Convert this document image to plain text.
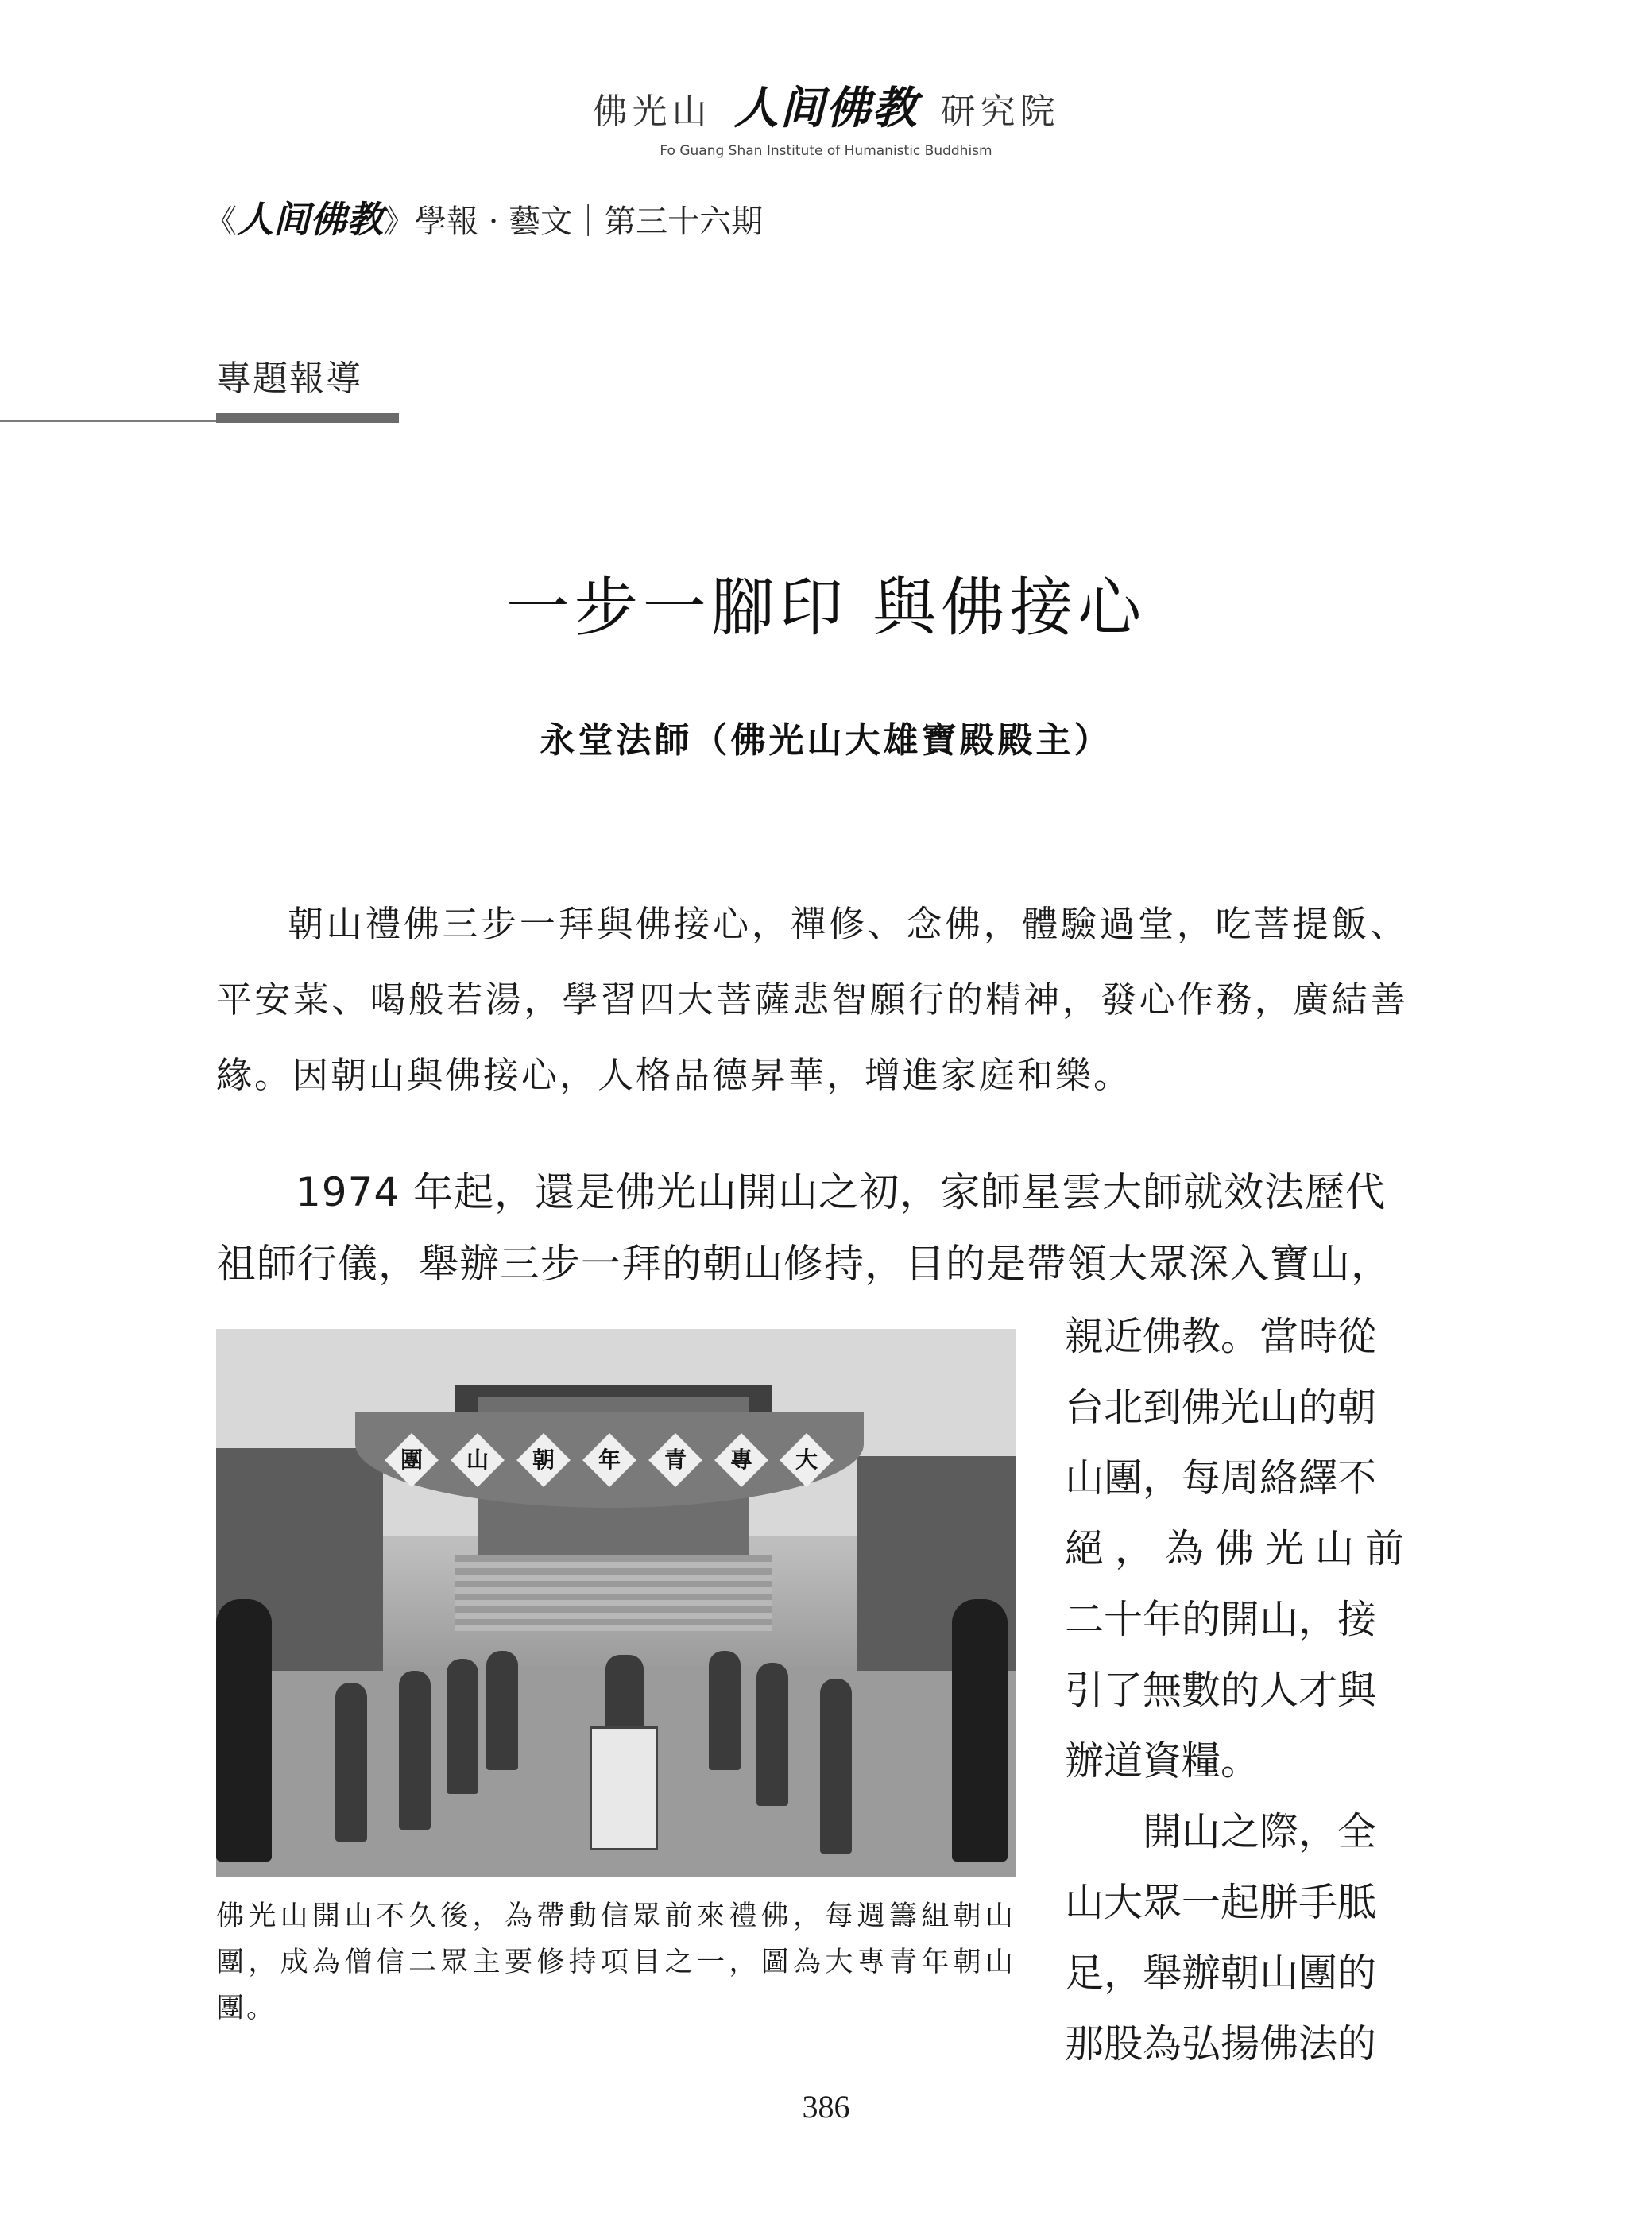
佛光山 人间佛教 研究院
Fo Guang Shan Institute of Humanistic Buddhism
《人间佛教》學報 · 藝文｜第三十六期
專題報導
一步一腳印 與佛接心
永堂法師（佛光山大雄寶殿殿主）

朝山禮佛三步一拜與佛接心，禪修、念佛，體驗過堂，吃菩提飯、平安菜、喝般若湯，學習四大菩薩悲智願行的精神，發心作務，廣結善緣。因朝山與佛接心，人格品德昇華，增進家庭和樂。

1974 年起，還是佛光山開山之初，家師星雲大師就效法歷代祖師行儀，舉辦三步一拜的朝山修持，目的是帶領大眾深入寶山，

團	山	朝	年	青	專	大

佛光山開山不久後，為帶動信眾前來禮佛，每週籌組朝山團，成為僧信二眾主要修持項目之一，圖為大專青年朝山團。

親近佛教。當時從
台北到佛光山的朝
山團，每周絡繹不
絕，為佛光山前
二十年的開山，接
引了無數的人才與
辦道資糧。
開山之際，全
山大眾一起胼手胝
足，舉辦朝山團的
那股為弘揚佛法的
386
